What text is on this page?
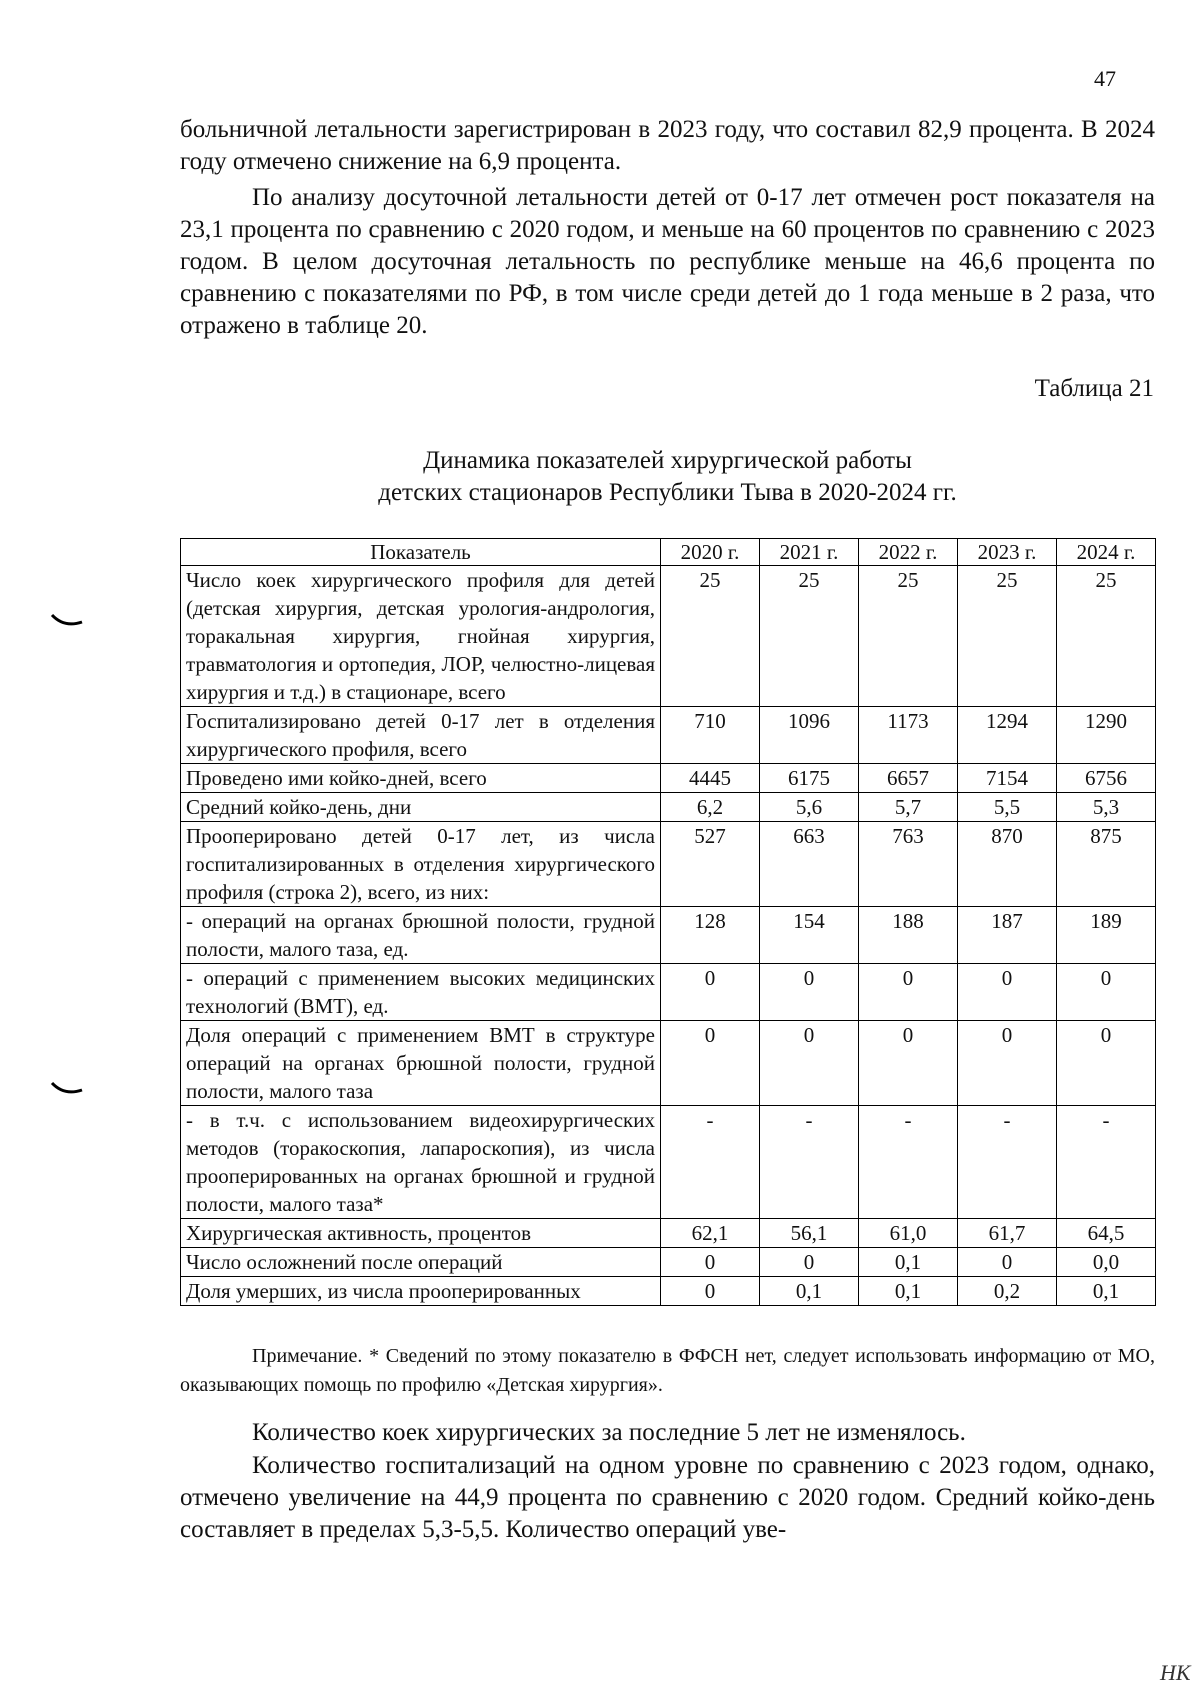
47

больничной летальности зарегистрирован в 2023 году, что составил 82,9 процента. В 2024 году отмечено снижение на 6,9 процента.

По анализу досуточной летальности детей от 0-17 лет отмечен рост показателя на 23,1 процента по сравнению с 2020 годом, и меньше на 60 процентов по сравнению с 2023 годом. В целом досуточная летальность по республике меньше на 46,6 процента по сравнению с показателями по РФ, в том числе среди детей до 1 года меньше в 2 раза, что отражено в таблице 20.

Таблица 21
Динамика показателей хирургической работы
детских стационаров Республики Тыва в 2020-2024 гг.
Показатель	2020 г.	2021 г.	2022 г.	2023 г.	2024 г.
Число коек хирургического профиля для детей (детская хирургия, детская урология-андрология, торакальная хирургия, гнойная хирургия, травматология и ортопедия, ЛОР, челюстно-лицевая хирургия и т.д.) в стационаре, всего	25	25	25	25	25
Госпитализировано детей 0-17 лет в отделения хирургического профиля, всего	710	1096	1173	1294	1290
Проведено ими койко-дней, всего	4445	6175	6657	7154	6756
Средний койко-день, дни	6,2	5,6	5,7	5,5	5,3
Прооперировано детей 0-17 лет, из числа госпитализированных в отделения хирургического профиля (строка 2), всего, из них:	527	663	763	870	875
- операций на органах брюшной полости, грудной полости, малого таза, ед.	128	154	188	187	189
- операций с применением высоких медицинских технологий (ВМТ), ед.	0	0	0	0	0
Доля операций с применением ВМТ в структуре операций на органах брюшной полости, грудной полости, малого таза	0	0	0	0	0
- в т.ч. с использованием видеохирургических методов (торакоскопия, лапароскопия), из числа прооперированных на органах брюшной и грудной полости, малого таза*	-	-	-	-	-
Хирургическая активность, процентов	62,1	56,1	61,0	61,7	64,5
Число осложнений после операций	0	0	0,1	0	0,0
Доля умерших, из числа прооперированных	0	0,1	0,1	0,2	0,1

Примечание. * Сведений по этому показателю в ФФСН нет, следует использовать информацию от МО, оказывающих помощь по профилю «Детская хирургия».

Количество коек хирургических за последние 5 лет не изменялось.

Количество госпитализаций на одном уровне по сравнению с 2023 годом, однако, отмечено увеличение на 44,9 процента по сравнению с 2020 годом. Средний койко-день составляет в пределах 5,3-5,5. Количество операций уве-

НК
